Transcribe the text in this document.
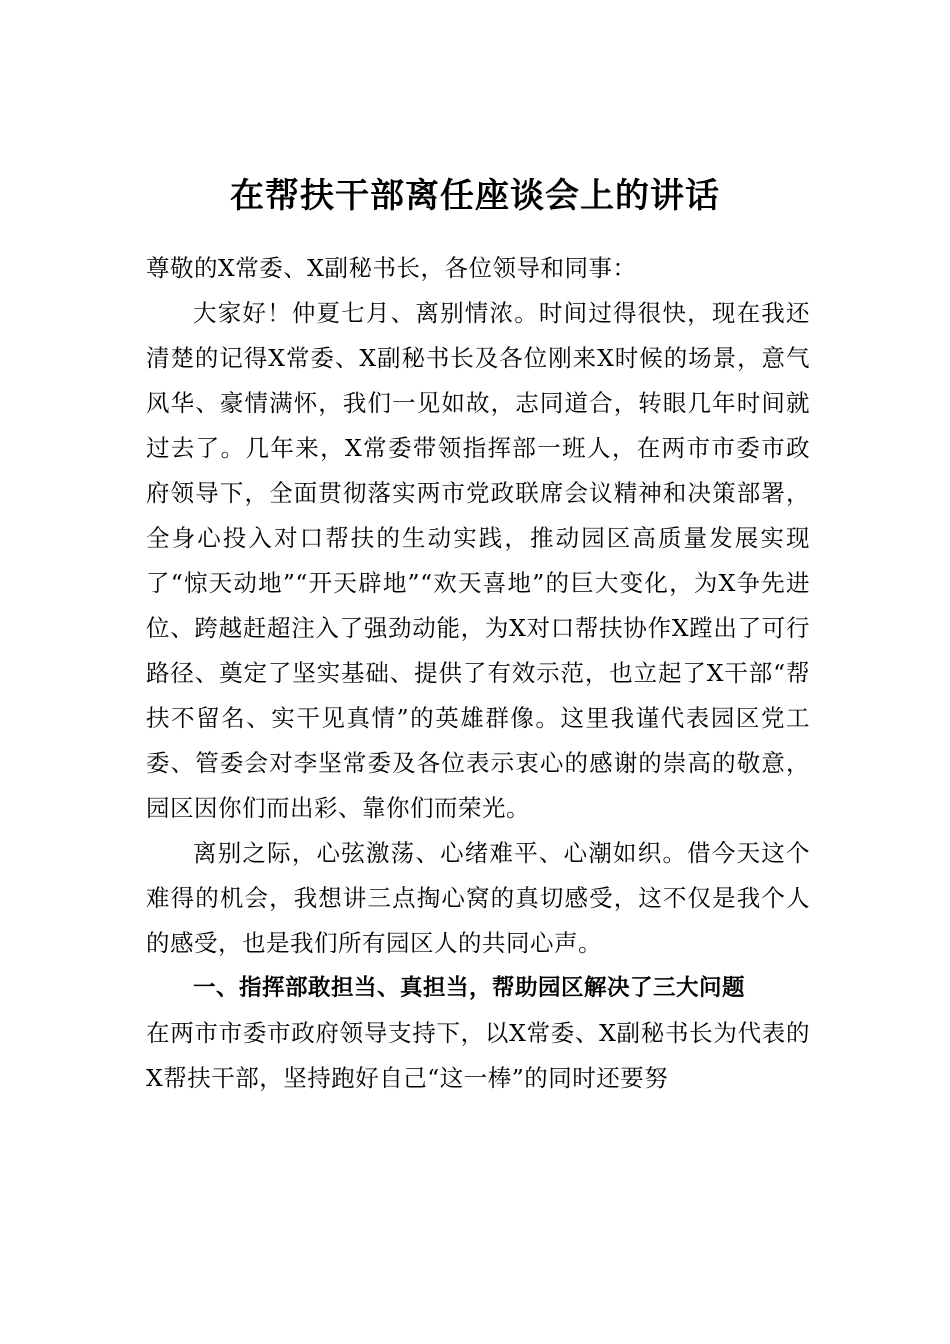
在帮扶干部离任座谈会上的讲话

尊敬的X常委、X副秘书长，各位领导和同事：

大家好！仲夏七月、离别情浓。时间过得很快，现在我还清楚的记得X常委、X副秘书长及各位刚来X时候的场景，意气风华、豪情满怀，我们一见如故，志同道合，转眼几年时间就过去了。几年来，X常委带领指挥部一班人，在两市市委市政府领导下，全面贯彻落实两市党政联席会议精神和决策部署，全身心投入对口帮扶的生动实践，推动园区高质量发展实现了“惊天动地”“开天辟地”“欢天喜地”的巨大变化，为X争先进位、跨越赶超注入了强劲动能，为X对口帮扶协作X蹚出了可行路径、奠定了坚实基础、提供了有效示范，也立起了X干部“帮扶不留名、实干见真情”的英雄群像。这里我谨代表园区党工委、管委会对李坚常委及各位表示衷心的感谢的崇高的敬意，园区因你们而出彩、靠你们而荣光。

离别之际，心弦激荡、心绪难平、心潮如织。借今天这个难得的机会，我想讲三点掏心窝的真切感受，这不仅是我个人的感受，也是我们所有园区人的共同心声。

一、指挥部敢担当、真担当，帮助园区解决了三大问题

在两市市委市政府领导支持下，以X常委、X副秘书长为代表的X帮扶干部，坚持跑好自己“这一棒”的同时还要努
